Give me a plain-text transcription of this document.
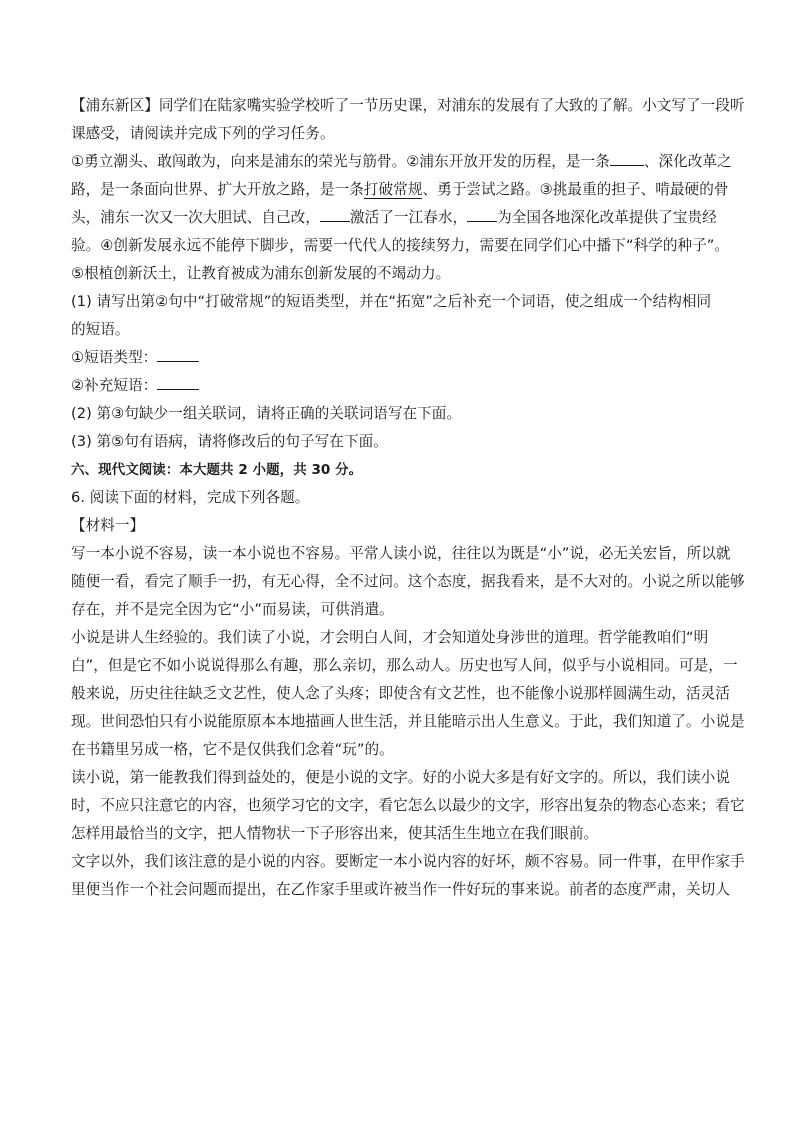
【浦东新区】同学们在陆家嘴实验学校听了一节历史课，对浦东的发展有了大致的了解。小文写了一段听
课感受，请阅读并完成下列的学习任务。
①勇立潮头、敢闯敢为，向来是浦东的荣光与筋骨。②浦东开放开发的历程，是一条 、深化改革之
路，是一条面向世界、扩大开放之路，是一条打破常规、勇于尝试之路。③挑最重的担子、啃最硬的骨
头，浦东一次又一次大胆试、自己改， 激活了一江春水， 为全国各地深化改革提供了宝贵经
验。④创新发展永远不能停下脚步，需要一代代人的接续努力，需要在同学们心中播下“科学的种子”。
⑤根植创新沃土，让教育被成为浦东创新发展的不竭动力。
(1) 请写出第②句中“打破常规”的短语类型，并在“拓宽”之后补充一个词语，使之组成一个结构相同
的短语。
①短语类型：
②补充短语：
(2) 第③句缺少一组关联词，请将正确的关联词语写在下面。
(3) 第⑤句有语病，请将修改后的句子写在下面。
六、现代文阅读：本大题共 2 小题，共 30 分。
6. 阅读下面的材料，完成下列各题。
【材料一】
写一本小说不容易，读一本小说也不容易。平常人读小说，往往以为既是“小”说，必无关宏旨，所以就
随便一看，看完了顺手一扔，有无心得，全不过问。这个态度，据我看来，是不大对的。小说之所以能够
存在，并不是完全因为它“小”而易读，可供消遣。
小说是讲人生经验的。我们读了小说，才会明白人间，才会知道处身涉世的道理。哲学能教咱们“明
白”，但是它不如小说说得那么有趣，那么亲切，那么动人。历史也写人间，似乎与小说相同。可是，一
般来说，历史往往缺乏文艺性，使人念了头疼；即使含有文艺性，也不能像小说那样圆满生动，活灵活
现。世间恐怕只有小说能原原本本地描画人世生活，并且能暗示出人生意义。于此，我们知道了。小说是
在书籍里另成一格，它不是仅供我们念着“玩”的。
读小说，第一能教我们得到益处的，便是小说的文字。好的小说大多是有好文字的。所以，我们读小说
时，不应只注意它的内容，也须学习它的文字，看它怎么以最少的文字，形容出复杂的物态心态来；看它
怎样用最恰当的文字，把人情物状一下子形容出来，使其活生生地立在我们眼前。
文字以外，我们该注意的是小说的内容。要断定一本小说内容的好坏，颇不容易。同一件事，在甲作家手
里便当作一个社会问题而提出，在乙作家手里或许被当作一件好玩的事来说。前者的态度严肃，关切人
